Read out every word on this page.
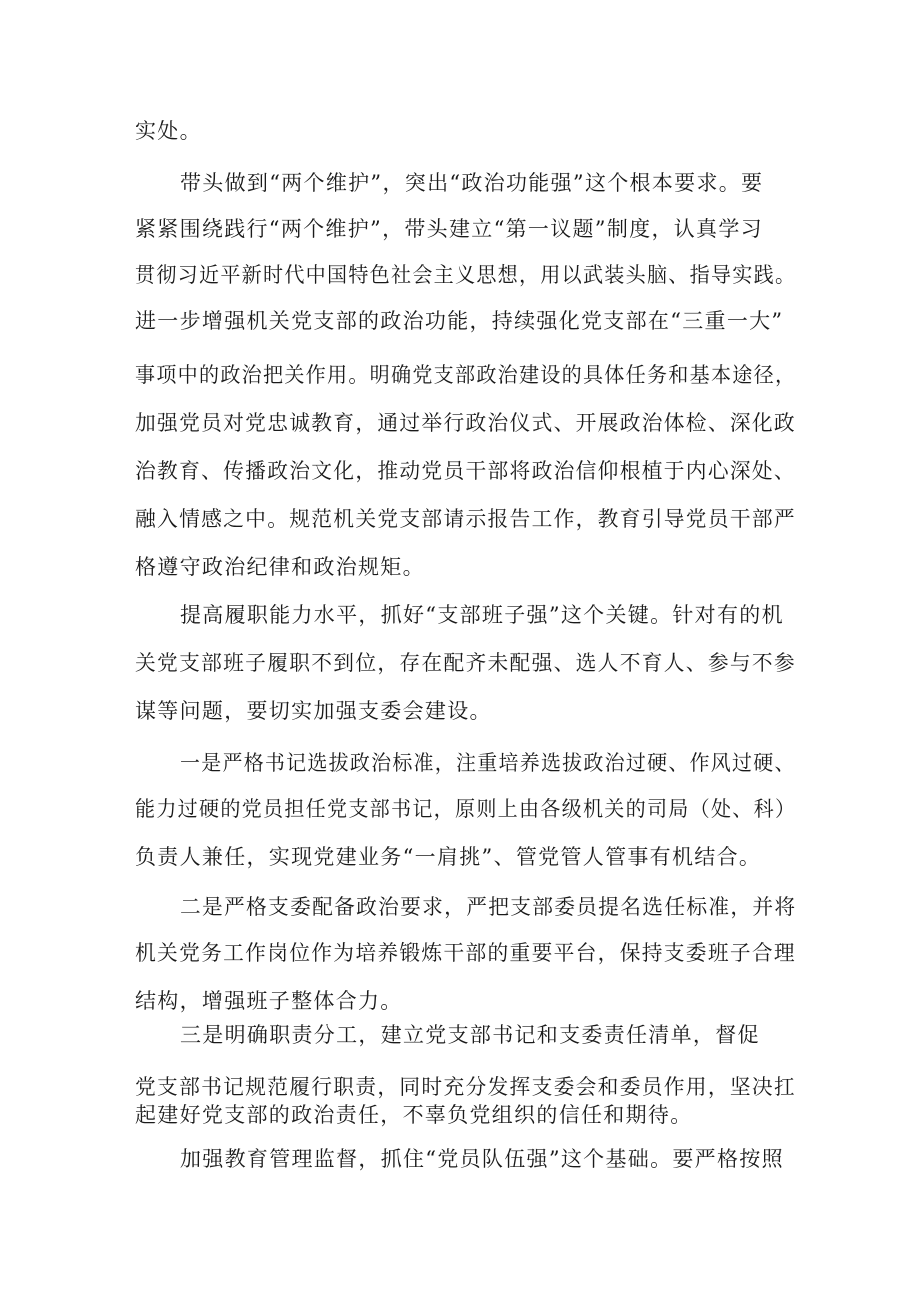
实处。
带头做到“两个维护”，突出“政治功能强”这个根本要求。要
紧紧围绕践行“两个维护”，带头建立“第一议题”制度，认真学习
贯彻习近平新时代中国特色社会主义思想，用以武装头脑、指导实践。
进一步增强机关党支部的政治功能，持续强化党支部在“三重一大”
事项中的政治把关作用。明确党支部政治建设的具体任务和基本途径，
加强党员对党忠诚教育，通过举行政治仪式、开展政治体检、深化政
治教育、传播政治文化，推动党员干部将政治信仰根植于内心深处、
融入情感之中。规范机关党支部请示报告工作，教育引导党员干部严
格遵守政治纪律和政治规矩。
提高履职能力水平，抓好“支部班子强”这个关键。针对有的机
关党支部班子履职不到位，存在配齐未配强、选人不育人、参与不参
谋等问题，要切实加强支委会建设。
一是严格书记选拔政治标准，注重培养选拔政治过硬、作风过硬、
能力过硬的党员担任党支部书记，原则上由各级机关的司局（处、科）
负责人兼任，实现党建业务“一肩挑”、管党管人管事有机结合。
二是严格支委配备政治要求，严把支部委员提名选任标准，并将
机关党务工作岗位作为培养锻炼干部的重要平台，保持支委班子合理
结构，增强班子整体合力。
三是明确职责分工，建立党支部书记和支委责任清单，督促
党支部书记规范履行职责，同时充分发挥支委会和委员作用，坚决扛
起建好党支部的政治责任，不辜负党组织的信任和期待。
加强教育管理监督，抓住“党员队伍强”这个基础。要严格按照
